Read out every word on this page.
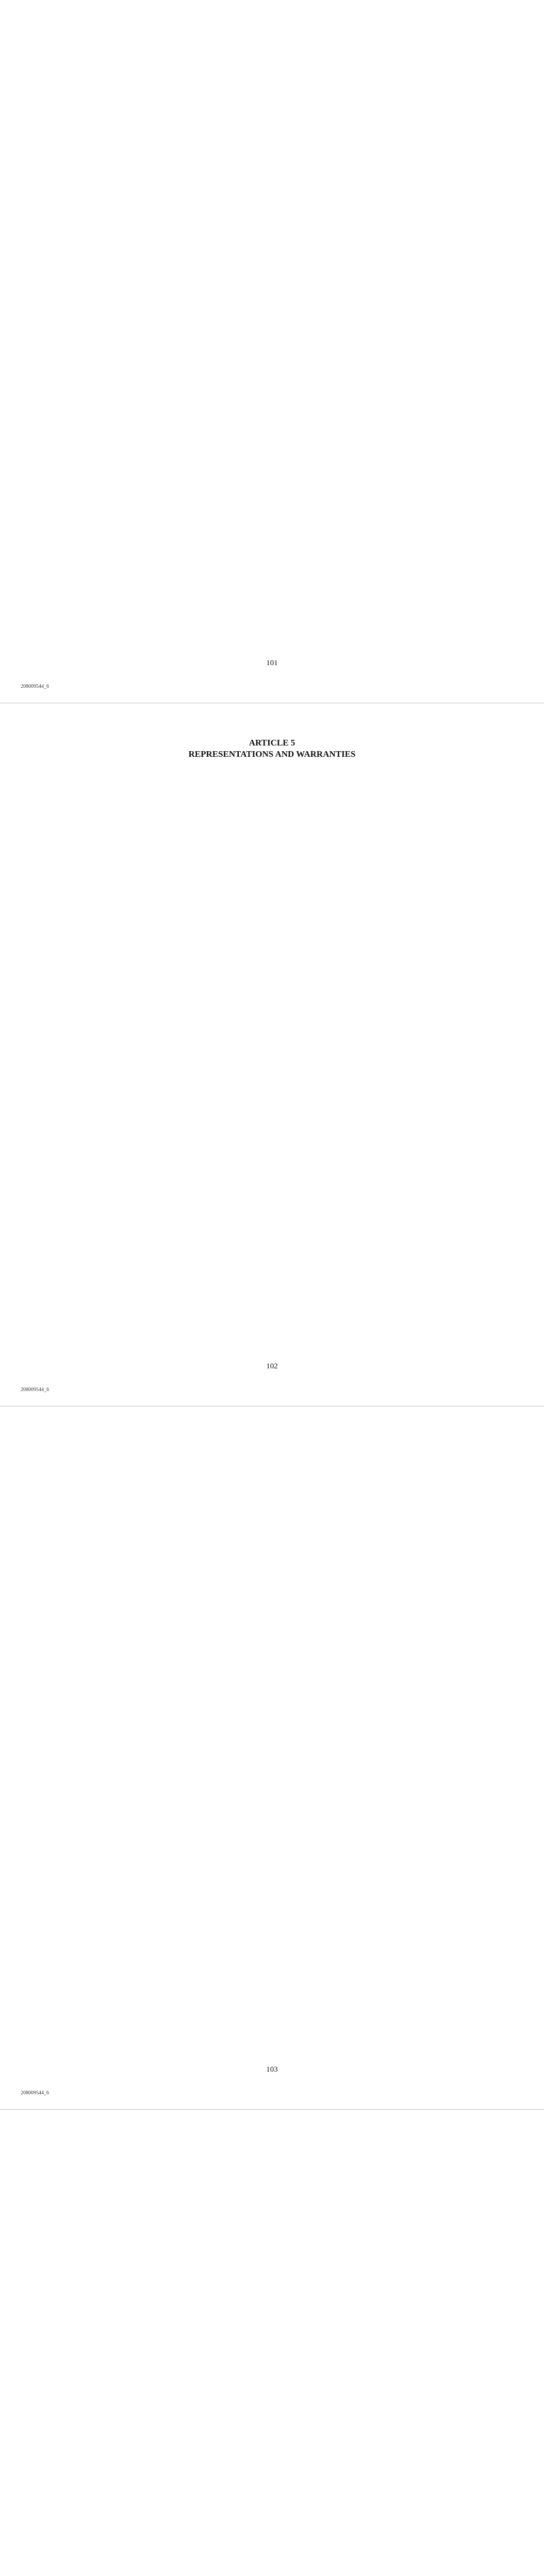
101
208009544_6
ARTICLE 5
REPRESENTATIONS AND WARRANTIES

102
208009544_6

103
208009544_6
